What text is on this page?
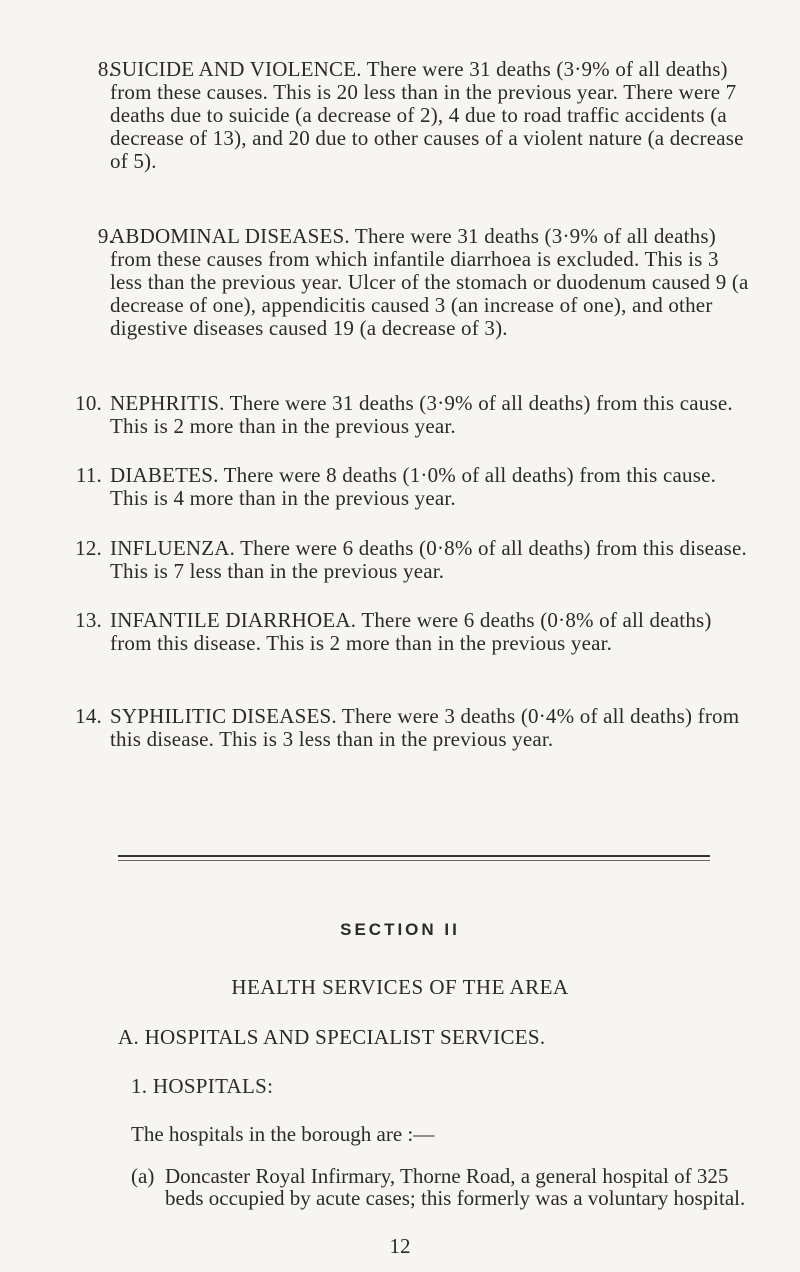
8.
SUICIDE AND VIOLENCE. There were 31 deaths (3·9% of all deaths) from these causes. This is 20 less than in the previous year. There were 7 deaths due to suicide (a decrease of 2), 4 due to road traffic accidents (a decrease of 13), and 20 due to other causes of a violent nature (a decrease of 5).
9.
ABDOMINAL DISEASES. There were 31 deaths (3·9% of all deaths) from these causes from which infantile diarrhoea is excluded. This is 3 less than the previous year. Ulcer of the stomach or duodenum caused 9 (a decrease of one), appendicitis caused 3 (an increase of one), and other digestive diseases caused 19 (a decrease of 3).
10. NEPHRITIS. There were 31 deaths (3·9% of all deaths) from this cause. This is 2 more than in the previous year.
11. DIABETES. There were 8 deaths (1·0% of all deaths) from this cause. This is 4 more than in the previous year.
12. INFLUENZA. There were 6 deaths (0·8% of all deaths) from this disease. This is 7 less than in the previous year.
13. INFANTILE DIARRHOEA. There were 6 deaths (0·8% of all deaths) from this disease. This is 2 more than in the previous year.
14. SYPHILITIC DISEASES. There were 3 deaths (0·4% of all deaths) from this disease. This is 3 less than in the previous year.
SECTION II
HEALTH SERVICES OF THE AREA
A. HOSPITALS AND SPECIALIST SERVICES.
1. HOSPITALS:
The hospitals in the borough are :—
(a) Doncaster Royal Infirmary, Thorne Road, a general hospital of 325 beds occupied by acute cases; this formerly was a voluntary hospital.
12
